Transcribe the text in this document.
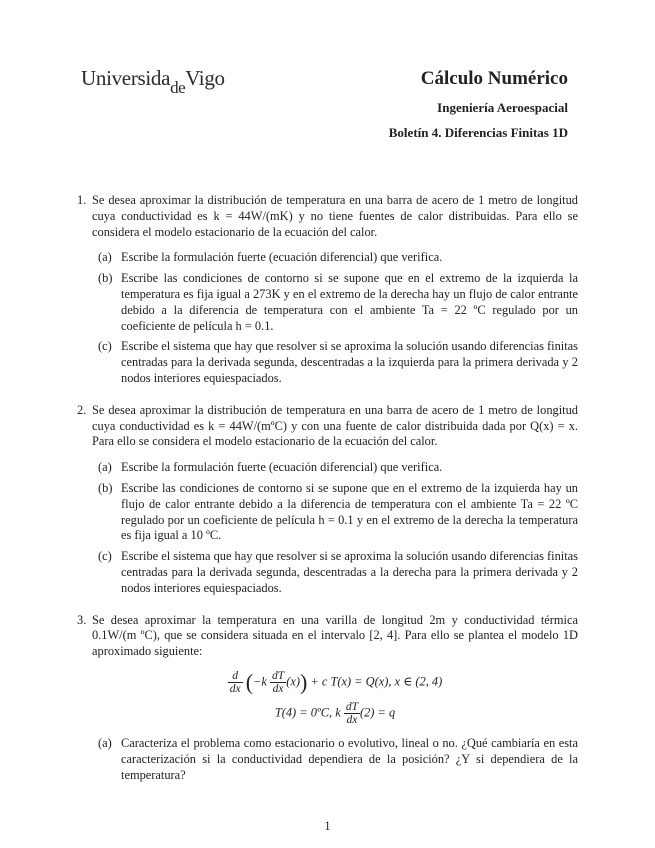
Universida$_{de}$Vigo	Cálculo Numérico
Ingeniería Aeroespacial
Boletín 4. Diferencias Finitas 1D
1. Se desea aproximar la distribución de temperatura en una barra de acero de 1 metro de longitud cuya conductividad es k = 44W/(mK) y no tiene fuentes de calor distribuidas. Para ello se considera el modelo estacionario de la ecuación del calor.
(a) Escribe la formulación fuerte (ecuación diferencial) que verifica.
(b) Escribe las condiciones de contorno si se supone que en el extremo de la izquierda la temperatura es fija igual a 273K y en el extremo de la derecha hay un flujo de calor entrante debido a la diferencia de temperatura con el ambiente Ta = 22 ºC regulado por un coeficiente de película h = 0.1.
(c) Escribe el sistema que hay que resolver si se aproxima la solución usando diferencias finitas centradas para la derivada segunda, descentradas a la izquierda para la primera derivada y 2 nodos interiores equiespaciados.
2. Se desea aproximar la distribución de temperatura en una barra de acero de 1 metro de longitud cuya conductividad es k = 44W/(mºC) y con una fuente de calor distribuida dada por Q(x) = x. Para ello se considera el modelo estacionario de la ecuación del calor.
(a) Escribe la formulación fuerte (ecuación diferencial) que verifica.
(b) Escribe las condiciones de contorno si se supone que en el extremo de la izquierda hay un flujo de calor entrante debido a la diferencia de temperatura con el ambiente Ta = 22 ºC regulado por un coeficiente de película h = 0.1 y en el extremo de la derecha la temperatura es fija igual a 10 ºC.
(c) Escribe el sistema que hay que resolver si se aproxima la solución usando diferencias finitas centradas para la derivada segunda, descentradas a la derecha para la primera derivada y 2 nodos interiores equiespaciados.
3. Se desea aproximar la temperatura en una varilla de longitud 2m y conductividad térmica 0.1W/(m ºC), que se considera situada en el intervalo [2, 4]. Para ello se plantea el modelo 1D aproximado siguiente:
$\frac{d}{dx} (-k \frac{dT}{dx} (x)) + c$ T(x) = Q(x), x ∈ (2, 4)
T(4) = 0ºC, k $\frac{dT}{dx} (2) = q$
(a) Caracteriza el problema como estacionario o evolutivo, lineal o no. ¿Qué cambiaría en esta caracterización si la conductividad dependiera de la posición? ¿Y si dependiera de la temperatura?
1
